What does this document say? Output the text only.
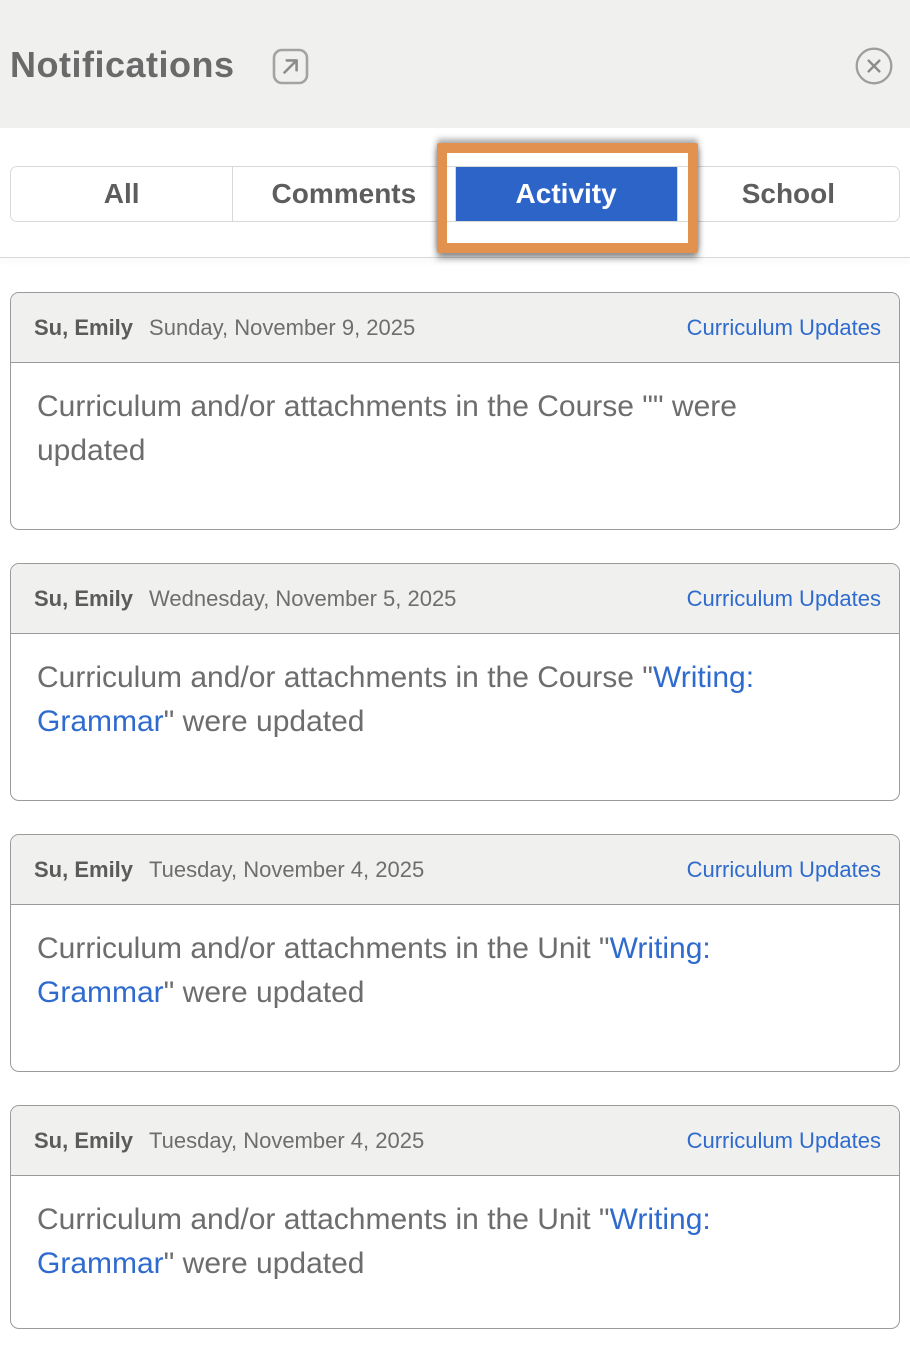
Notifications
All	Comments	Activity	School
Su, Emily Sunday, November 9, 2025	Curriculum Updates

Curriculum and/or attachments in the Course "" were updated

Su, Emily Wednesday, November 5, 2025	Curriculum Updates

Curriculum and/or attachments in the Course "Writing: Grammar" were updated

Su, Emily Tuesday, November 4, 2025	Curriculum Updates

Curriculum and/or attachments in the Unit "Writing: Grammar" were updated

Su, Emily Tuesday, November 4, 2025	Curriculum Updates

Curriculum and/or attachments in the Unit "Writing: Grammar" were updated
